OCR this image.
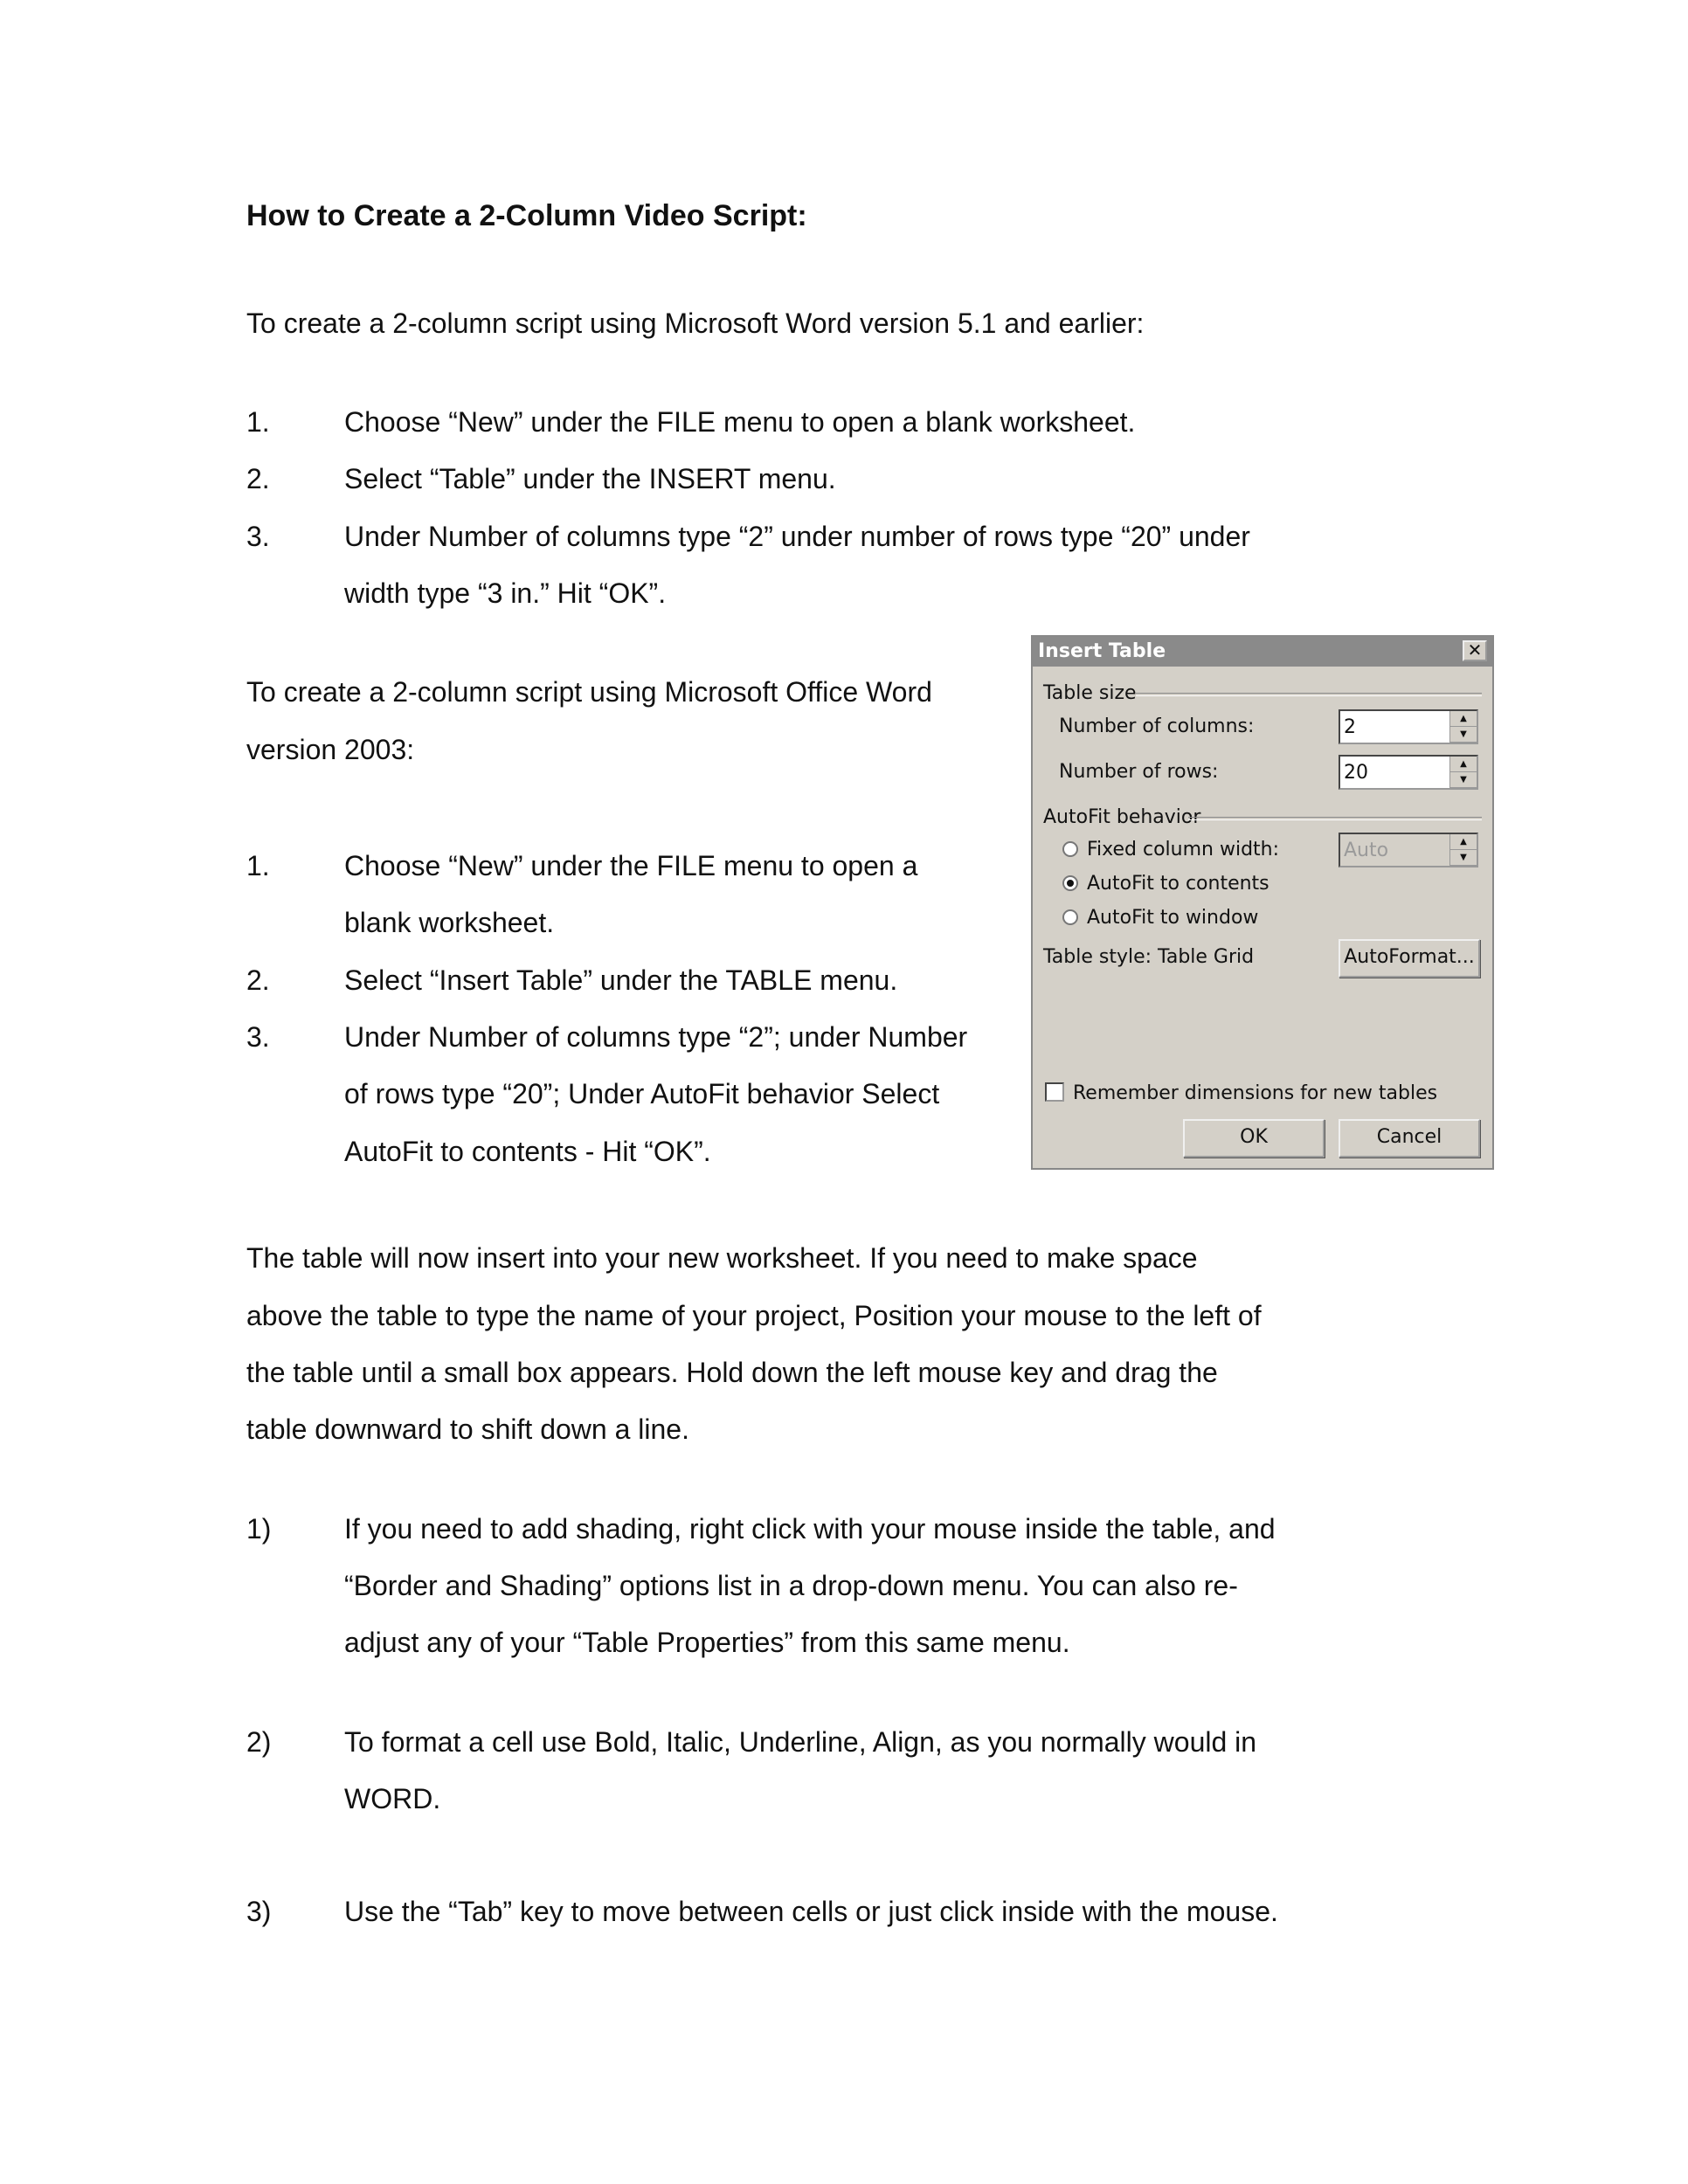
How to Create a 2-Column Video Script:
To create a 2-column script using Microsoft Word version 5.1 and earlier:
1.	Choose “New” under the FILE menu to open a blank worksheet.
2.	Select “Table” under the INSERT menu.
3.	Under Number of columns type “2” under number of rows type “20” under
width type “3 in.” Hit “OK”.
To create a 2-column script using Microsoft Office Word
version 2003:
1.	Choose “New” under the FILE menu to open a
blank worksheet.
2.	Select “Insert Table” under the TABLE menu.
3.	Under Number of columns type “2”; under Number
of rows type “20”; Under AutoFit behavior Select
AutoFit to contents - Hit “OK”.
Insert Table	✕
Table size
Number of columns:	2	▲
▼
Number of rows:	20	▲
▼
AutoFit behavior
Fixed column width:	Auto	▲
▼
AutoFit to contents
AutoFit to window
Table style: Table Grid	AutoFormat...
Remember dimensions for new tables
OK	Cancel
The table will now insert into your new worksheet. If you need to make space
above the table to type the name of your project, Position your mouse to the left of
the table until a small box appears. Hold down the left mouse key and drag the
table downward to shift down a line.
1)	If you need to add shading, right click with your mouse inside the table, and
“Border and Shading” options list in a drop-down menu. You can also re-
adjust any of your “Table Properties” from this same menu.
2)	To format a cell use Bold, Italic, Underline, Align, as you normally would in
WORD.
3)	Use the “Tab” key to move between cells or just click inside with the mouse.
